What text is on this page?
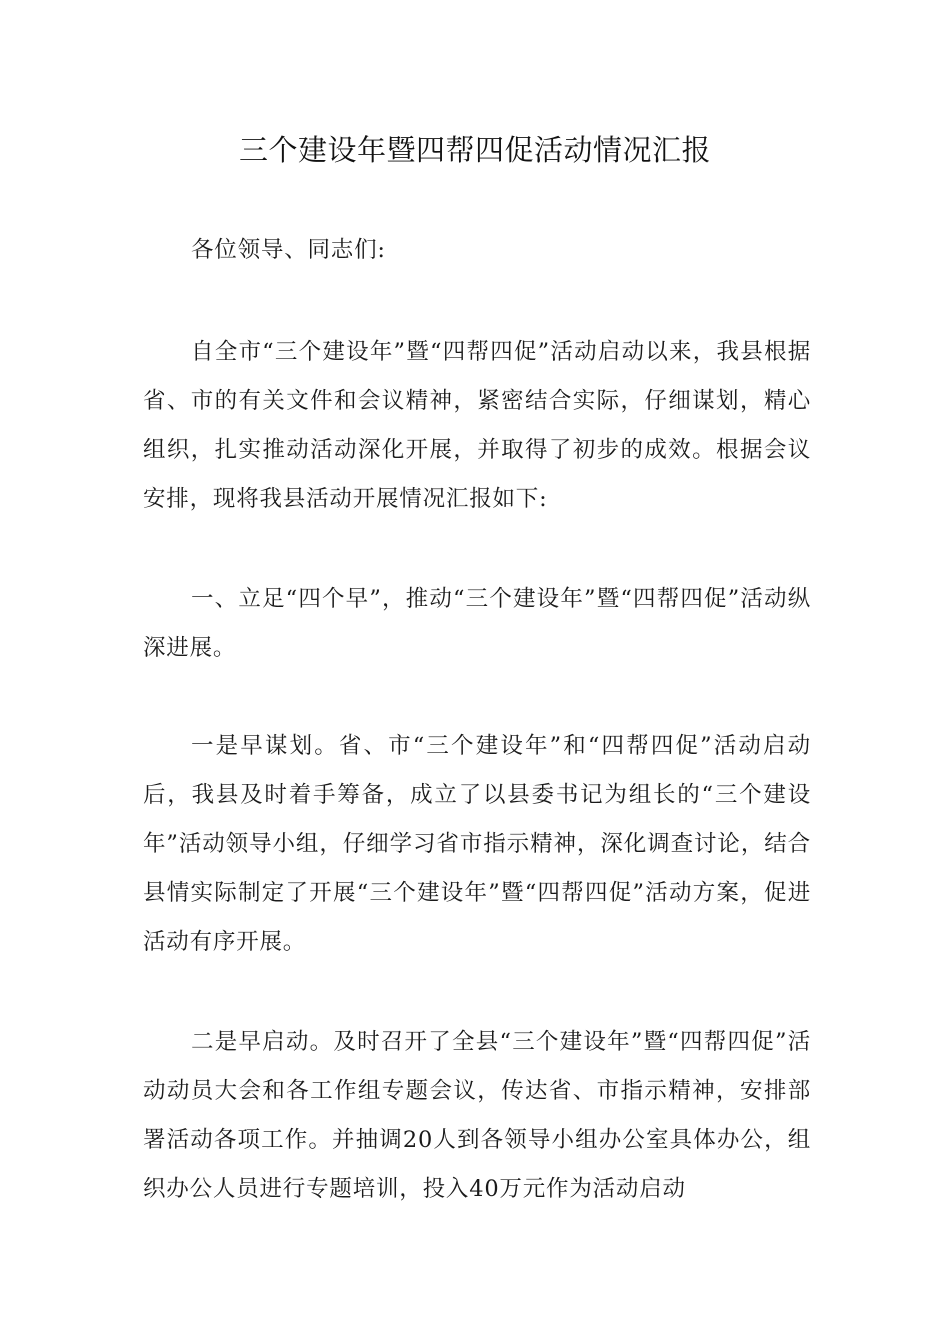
三个建设年暨四帮四促活动情况汇报

各位领导、同志们:

自全市“三个建设年”暨“四帮四促”活动启动以来，我县根据省、市的有关文件和会议精神，紧密结合实际，仔细谋划，精心组织，扎实推动活动深化开展，并取得了初步的成效。根据会议安排，现将我县活动开展情况汇报如下:

一、立足“四个早”，推动“三个建设年”暨“四帮四促”活动纵深进展。

一是早谋划。省、市“三个建设年”和“四帮四促”活动启动后，我县及时着手筹备，成立了以县委书记为组长的“三个建设年”活动领导小组，仔细学习省市指示精神，深化调查讨论，结合县情实际制定了开展“三个建设年”暨“四帮四促”活动方案，促进活动有序开展。

二是早启动。及时召开了全县“三个建设年”暨“四帮四促”活动动员大会和各工作组专题会议，传达省、市指示精神，安排部署活动各项工作。并抽调20人到各领导小组办公室具体办公，组织办公人员进行专题培训，投入40万元作为活动启动
